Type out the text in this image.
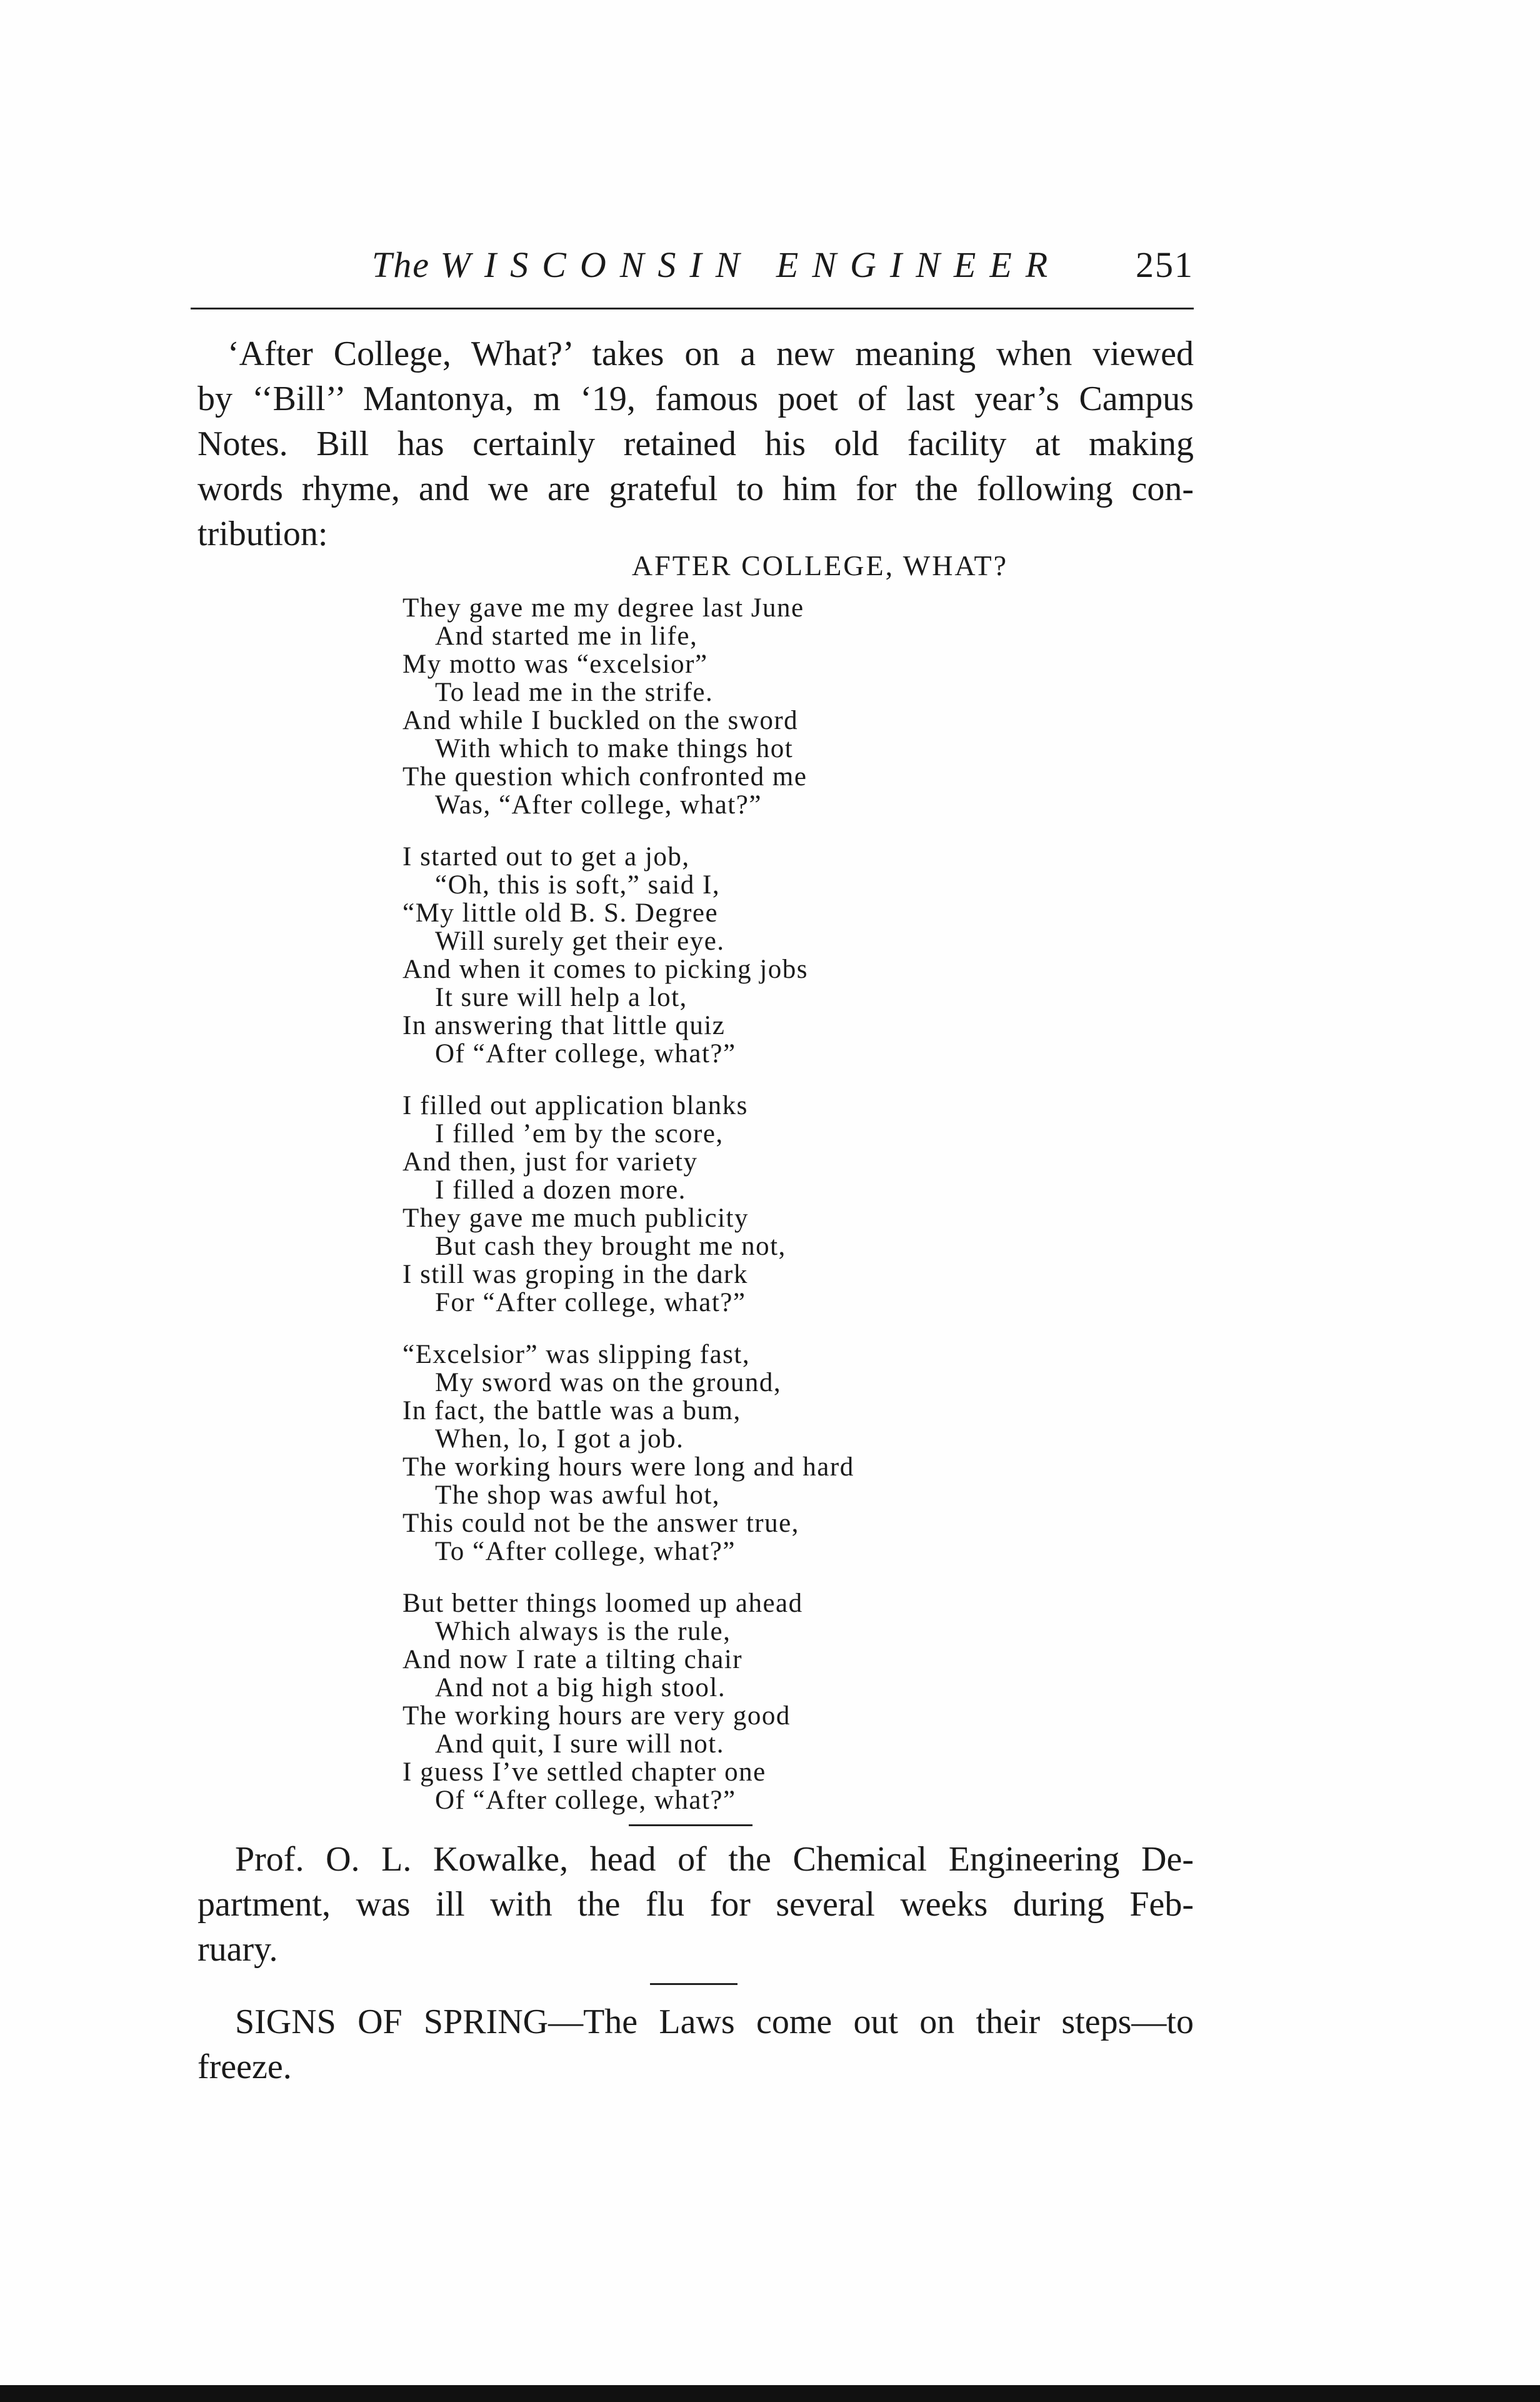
The WISCONSIN ENGINEER 251
‘After College, What?’ takes on a new meaning when viewed
by ‘‘Bill’’ Mantonya, m ‘19, famous poet of last year’s Campus
Notes. Bill has certainly retained his old facility at making
words rhyme, and we are grateful to him for the following con-
tribution:
AFTER COLLEGE, WHAT?
They gave me my degree last June
And started me in life,
My motto was “excelsior”
To lead me in the strife.
And while I buckled on the sword
With which to make things hot
The question which confronted me
Was, “After college, what?”
I started out to get a job,
“Oh, this is soft,” said I,
“My little old B. S. Degree
Will surely get their eye.
And when it comes to picking jobs
It sure will help a lot,
In answering that little quiz
Of “After college, what?”
I filled out application blanks
I filled ’em by the score,
And then, just for variety
I filled a dozen more.
They gave me much publicity
But cash they brought me not,
I still was groping in the dark
For “After college, what?”
“Excelsior” was slipping fast,
My sword was on the ground,
In fact, the battle was a bum,
When, lo, I got a job.
The working hours were long and hard
The shop was awful hot,
This could not be the answer true,
To “After college, what?”
But better things loomed up ahead
Which always is the rule,
And now I rate a tilting chair
And not a big high stool.
The working hours are very good
And quit, I sure will not.
I guess I’ve settled chapter one
Of “After college, what?”
Prof. O. L. Kowalke, head of the Chemical Engineering De-
partment, was ill with the flu for several weeks during Feb-
ruary.
SIGNS OF SPRING—The Laws come out on their steps—to
freeze.
